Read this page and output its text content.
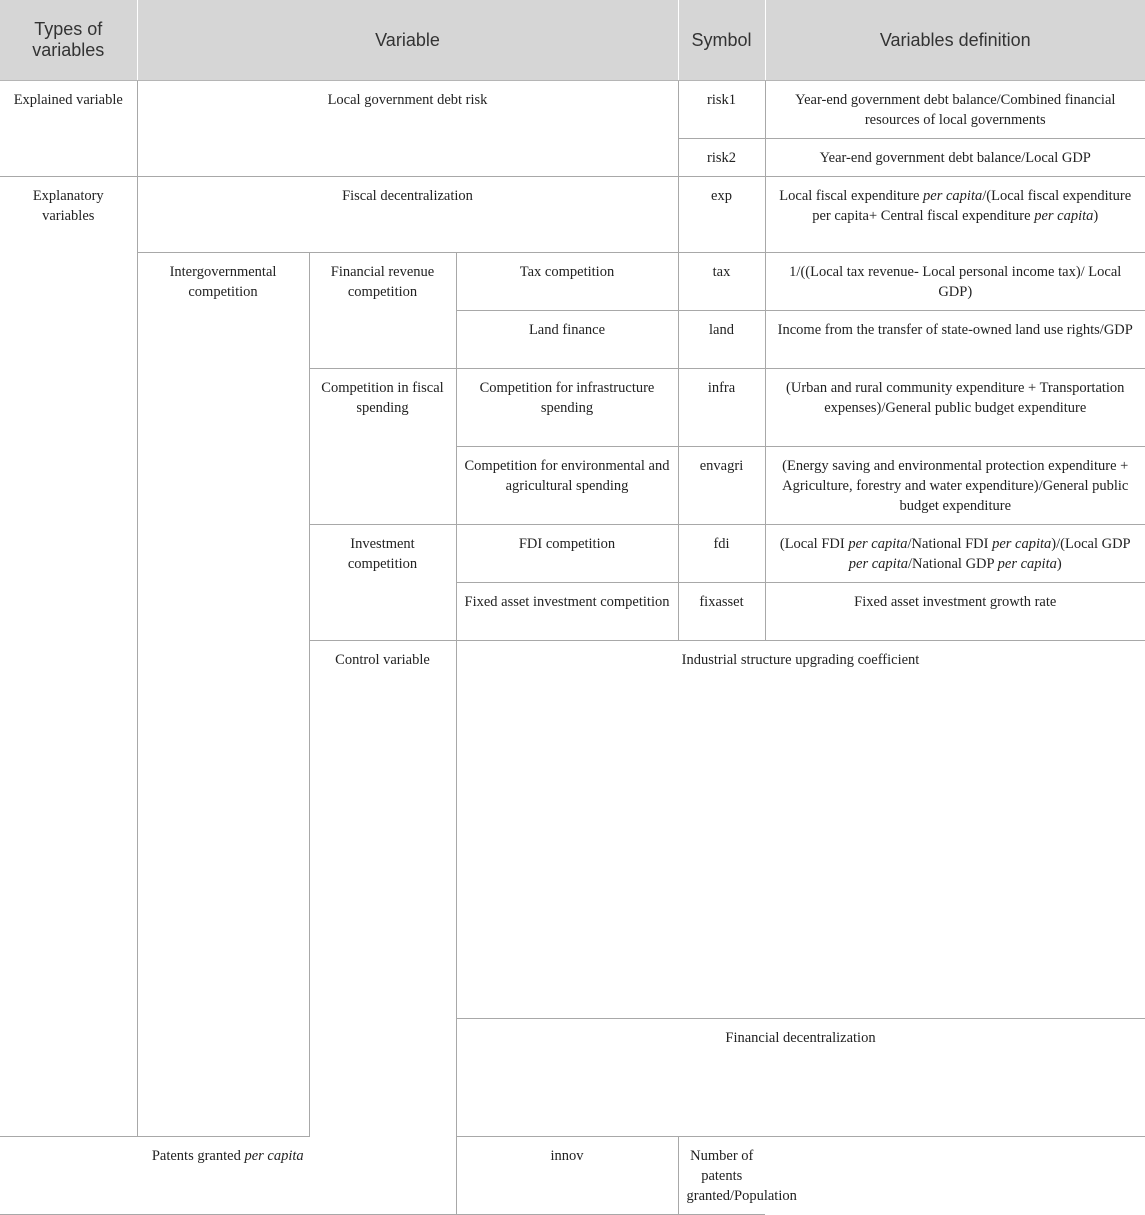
Types of variables	Variable			Symbol	Variables definition	
Explained variable	Local government debt risk			risk1	Year-end government debt balance/Combined financial resources of local governments	
				risk2	Year-end government debt balance/Local GDP	
Explanatory variables	Fiscal decentralization			exp	Local fiscal expenditure per capita/(Local fiscal expenditure per capita+ Central fiscal expenditure per capita)	
	Intergovernmental competition	Financial revenue competition	Tax competition	tax	1/((Local tax revenue- Local personal income tax)/ Local GDP)	
			Land finance	land	Income from the transfer of state-owned land use rights/GDP	
		Competition in fiscal spending	Competition for infrastructure spending	infra	(Urban and rural community expenditure + Transportation expenses)/General public budget expenditure	
			Competition for environmental and agricultural spending	envagri	(Energy saving and environmental protection expenditure + Agriculture, forestry and water expenditure)/General public budget expenditure	
		Investment competition	FDI competition	fdi	(Local FDI per capita/National FDI per capita)/(Local GDP per capita/National GDP per capita)	
			Fixed asset investment competition	fixasset	Fixed asset investment growth rate	
		Control variable	Industrial structure upgrading coefficient		
			Financial decentralization		
Patents granted per capita			innov	Number of patents granted/Population		
